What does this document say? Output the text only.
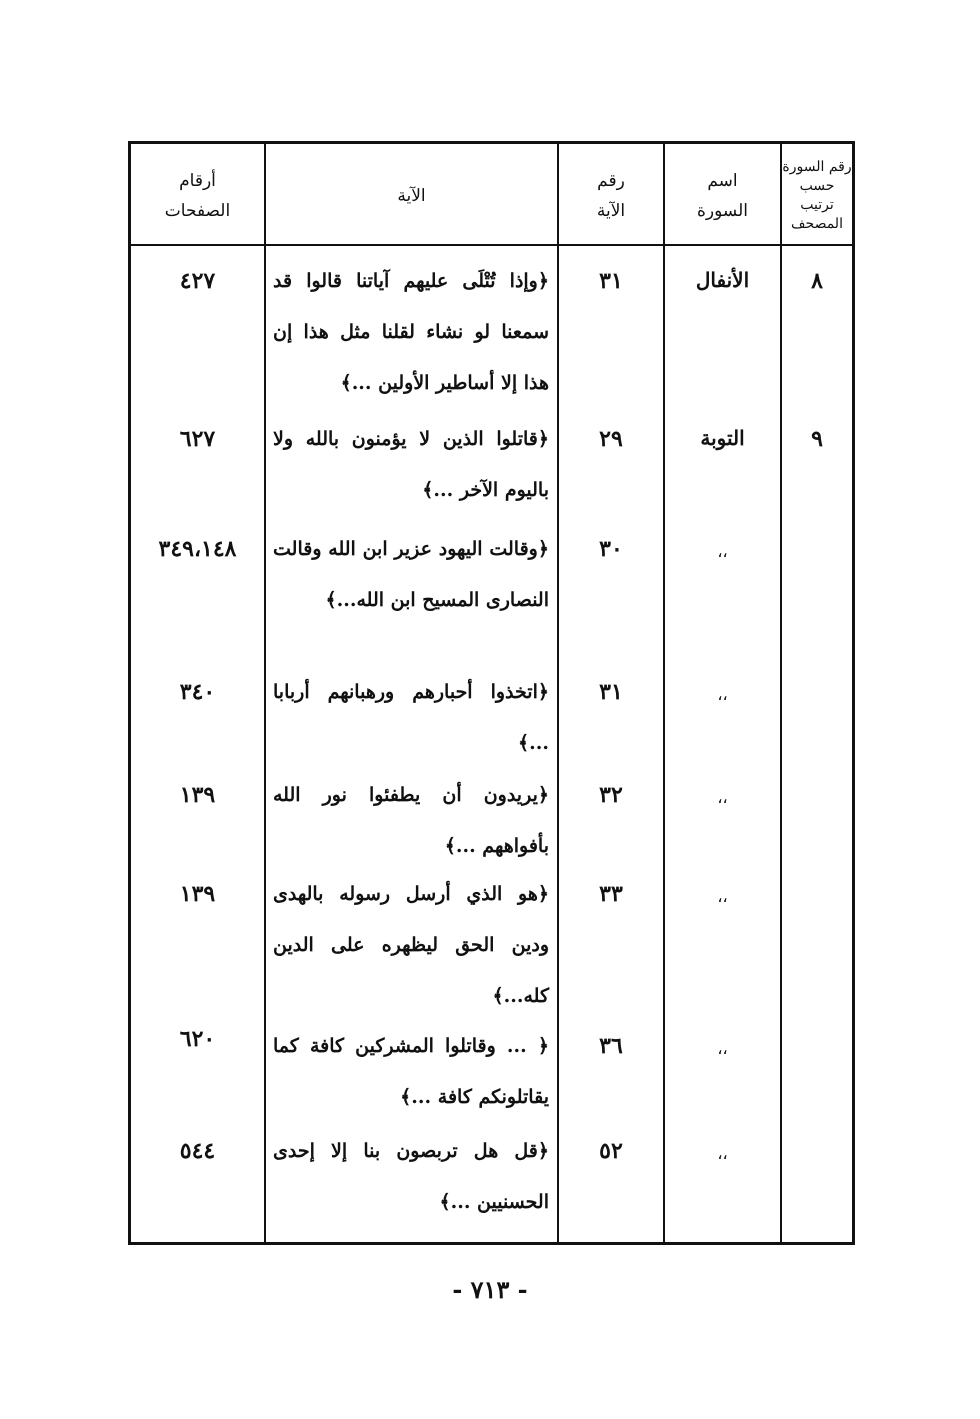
رقم السورة
حسب
ترتيب
المصحف
اسم
السورة
رقم
الآية
الآية
أرقام
الصفحات
٨
الأنفال
٣١
﴿وإذا تُتْلَى عليهم آياتنا قالوا قد سمعنا لو نشاء لقلنا مثل هذا إن هذا إلا أساطير الأولين ...﴾
٤٢٧
٩
التوبة
٢٩
﴿قاتلوا الذين لا يؤمنون بالله ولا باليوم الآخر ...﴾
٦٢٧
،،
٣٠
﴿وقالت اليهود عزير ابن الله وقالت النصارى المسيح ابن الله...﴾
٣٤٩،١٤٨
،،
٣١
﴿اتخذوا أحبارهم ورهبانهم أربابا ...﴾
٣٤٠
،،
٣٢
﴿يريدون أن يطفئوا نور الله بأفواههم ...﴾
١٣٩
،،
٣٣
﴿هو الذي أرسل رسوله بالهدى ودين الحق ليظهره على الدين كله...﴾
١٣٩
،،
٣٦
﴿ ... وقاتلوا المشركين كافة كما يقاتلونكم كافة ...﴾
٦٢٠
،،
٥٢
﴿قل هل تربصون بنا إلا إحدى الحسنيين ...﴾
٥٤٤
- ٧١٣ -
